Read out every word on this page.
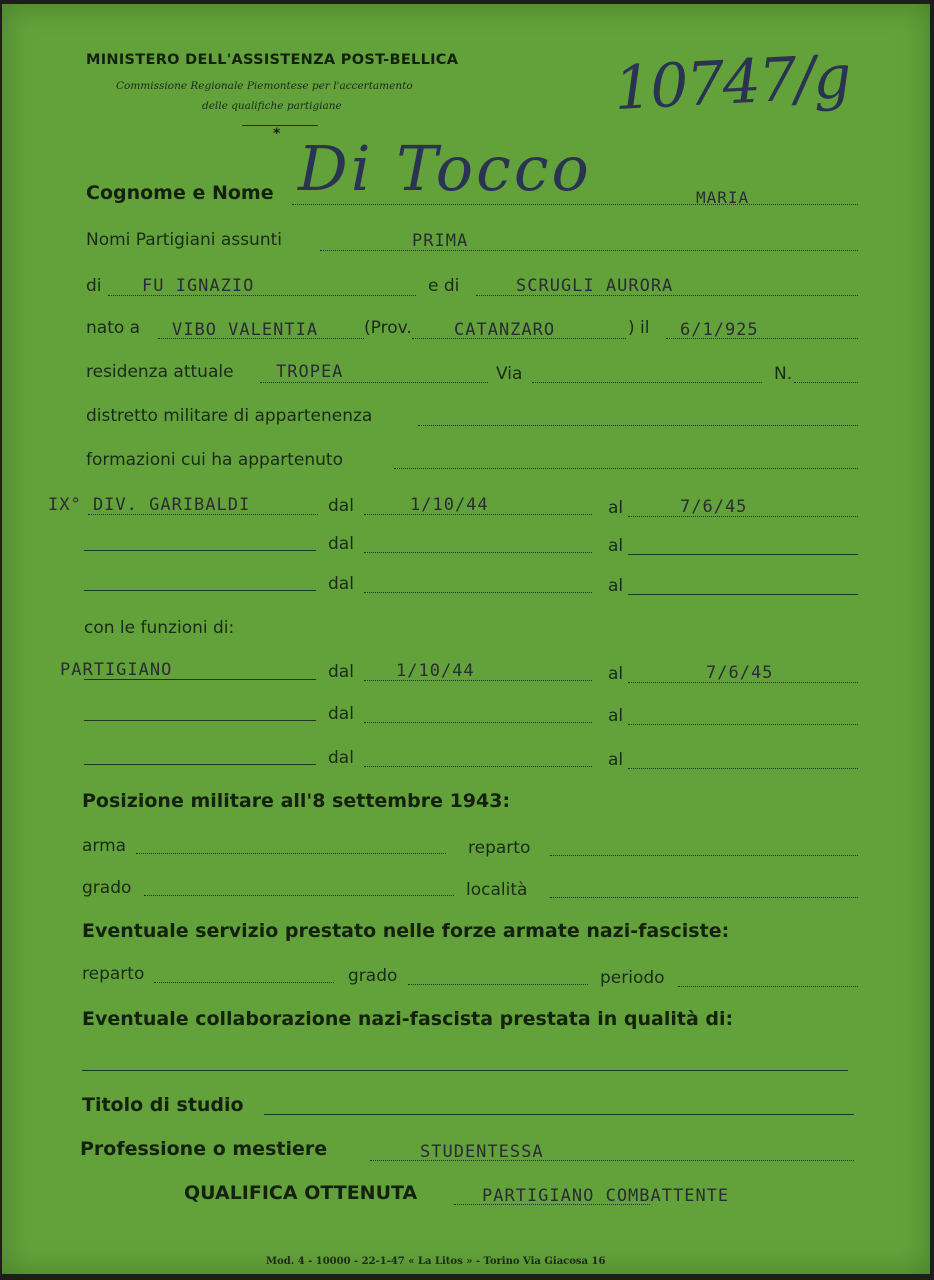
MINISTERO DELL'ASSISTENZA POST-BELLICA
Commissione Regionale Piemontese per l'accertamento
delle qualifiche partigiane
*
10747/g
Cognome e Nome Di Tocco	MARIA
Nomi Partigiani assunti	PRIMA
di FU IGNAZIO	e di	SCRUGLI AURORA
nato a VIBO VALENTIA	(Prov. CATANZARO	) il 6/1/925
residenza attuale TROPEA	Via	N.
distretto militare di appartenenza
formazioni cui ha appartenuto
IX° DIV. GARIBALDI	dal	1/10/44	al	7/6/45
dal	al
dal	al
con le funzioni di:
PARTIGIANO	dal 1/10/44	al	7/6/45
dal	al
dal	al
Posizione militare all'8 settembre 1943:
arma	reparto
grado	località
Eventuale servizio prestato nelle forze armate nazi-fasciste:
reparto	grado	periodo
Eventuale collaborazione nazi-fascista prestata in qualità di:
Titolo di studio
Professione o mestiere	STUDENTESSA
QUALIFICA OTTENUTA	PARTIGIANO COMBATTENTE
Mod. 4 - 10000 - 22-1-47 « La Litos » - Torino Via Giacosa 16
